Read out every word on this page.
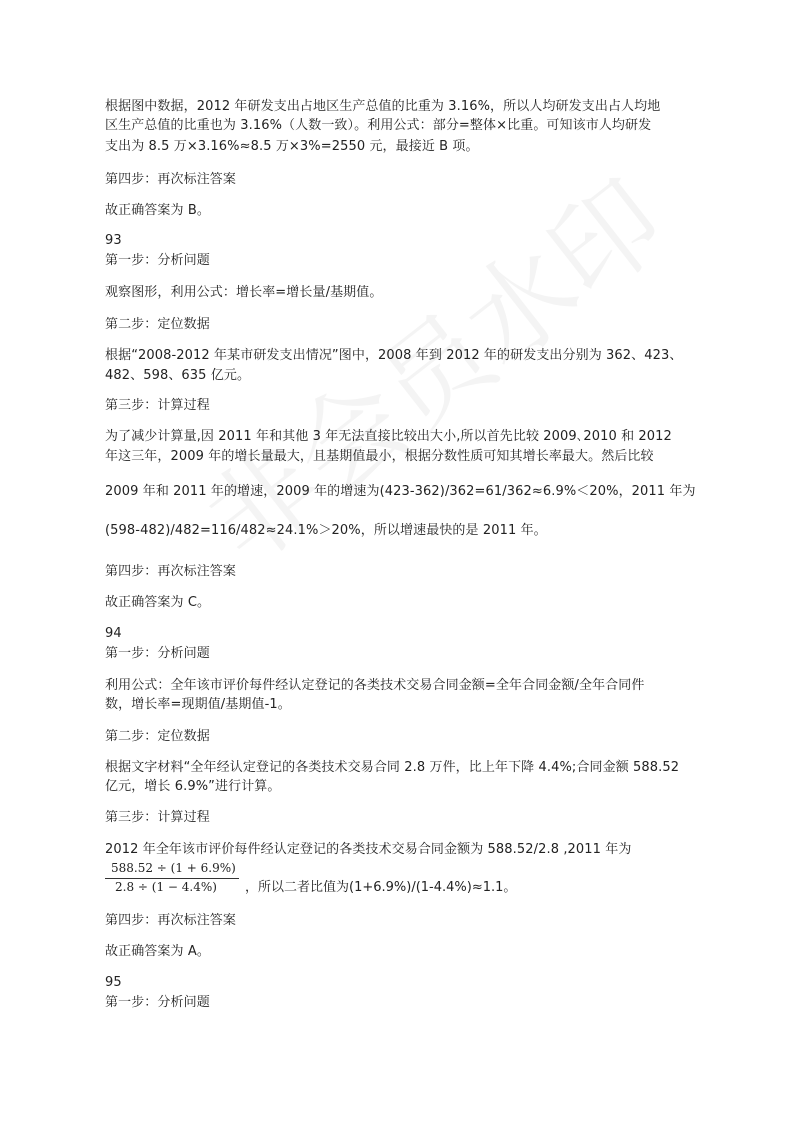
根据图中数据，2012 年研发支出占地区生产总值的比重为 3.16%，所以人均研发支出占人均地
区生产总值的比重也为 3.16%（人数一致）。利用公式：部分=整体×比重。可知该市人均研发
支出为 8.5 万×3.16%≈8.5 万×3%=2550 元，最接近 B 项。
第四步：再次标注答案
故正确答案为 B。
93
第一步：分析问题
观察图形，利用公式：增长率=增长量/基期值。
第二步：定位数据
根据“2008-2012 年某市研发支出情况”图中，2008 年到 2012 年的研发支出分别为 362、423、
482、598、635 亿元。
第三步：计算过程
为了减少计算量,因 2011 年和其他 3 年无法直接比较出大小,所以首先比较 2009､2010 和 2012
年这三年，2009 年的增长量最大，且基期值最小，根据分数性质可知其增长率最大。然后比较
2009 年和 2011 年的增速，2009 年的增速为(423-362)/362=61/362≈6.9%＜20%，2011 年为
(598-482)/482=116/482≈24.1%＞20%，所以增速最快的是 2011 年。
第四步：再次标注答案
故正确答案为 C。
94
第一步：分析问题
利用公式：全年该市评价每件经认定登记的各类技术交易合同金额=全年合同金额/全年合同件
数，增长率=现期值/基期值-1。
第二步：定位数据
根据文字材料“全年经认定登记的各类技术交易合同 2.8 万件，比上年下降 4.4%;合同金额 588.52
亿元，增长 6.9%”进行计算。
第三步：计算过程
2012 年全年该市评价每件经认定登记的各类技术交易合同金额为 588.52/2.8 ,2011 年为
第四步：再次标注答案
故正确答案为 A。
95
第一步：分析问题
588.52 ÷ (1 + 6.9%)
2.8 ÷ (1 − 4.4%) ，所以二者比值为(1+6.9%)/(1-4.4%)≈1.1。
